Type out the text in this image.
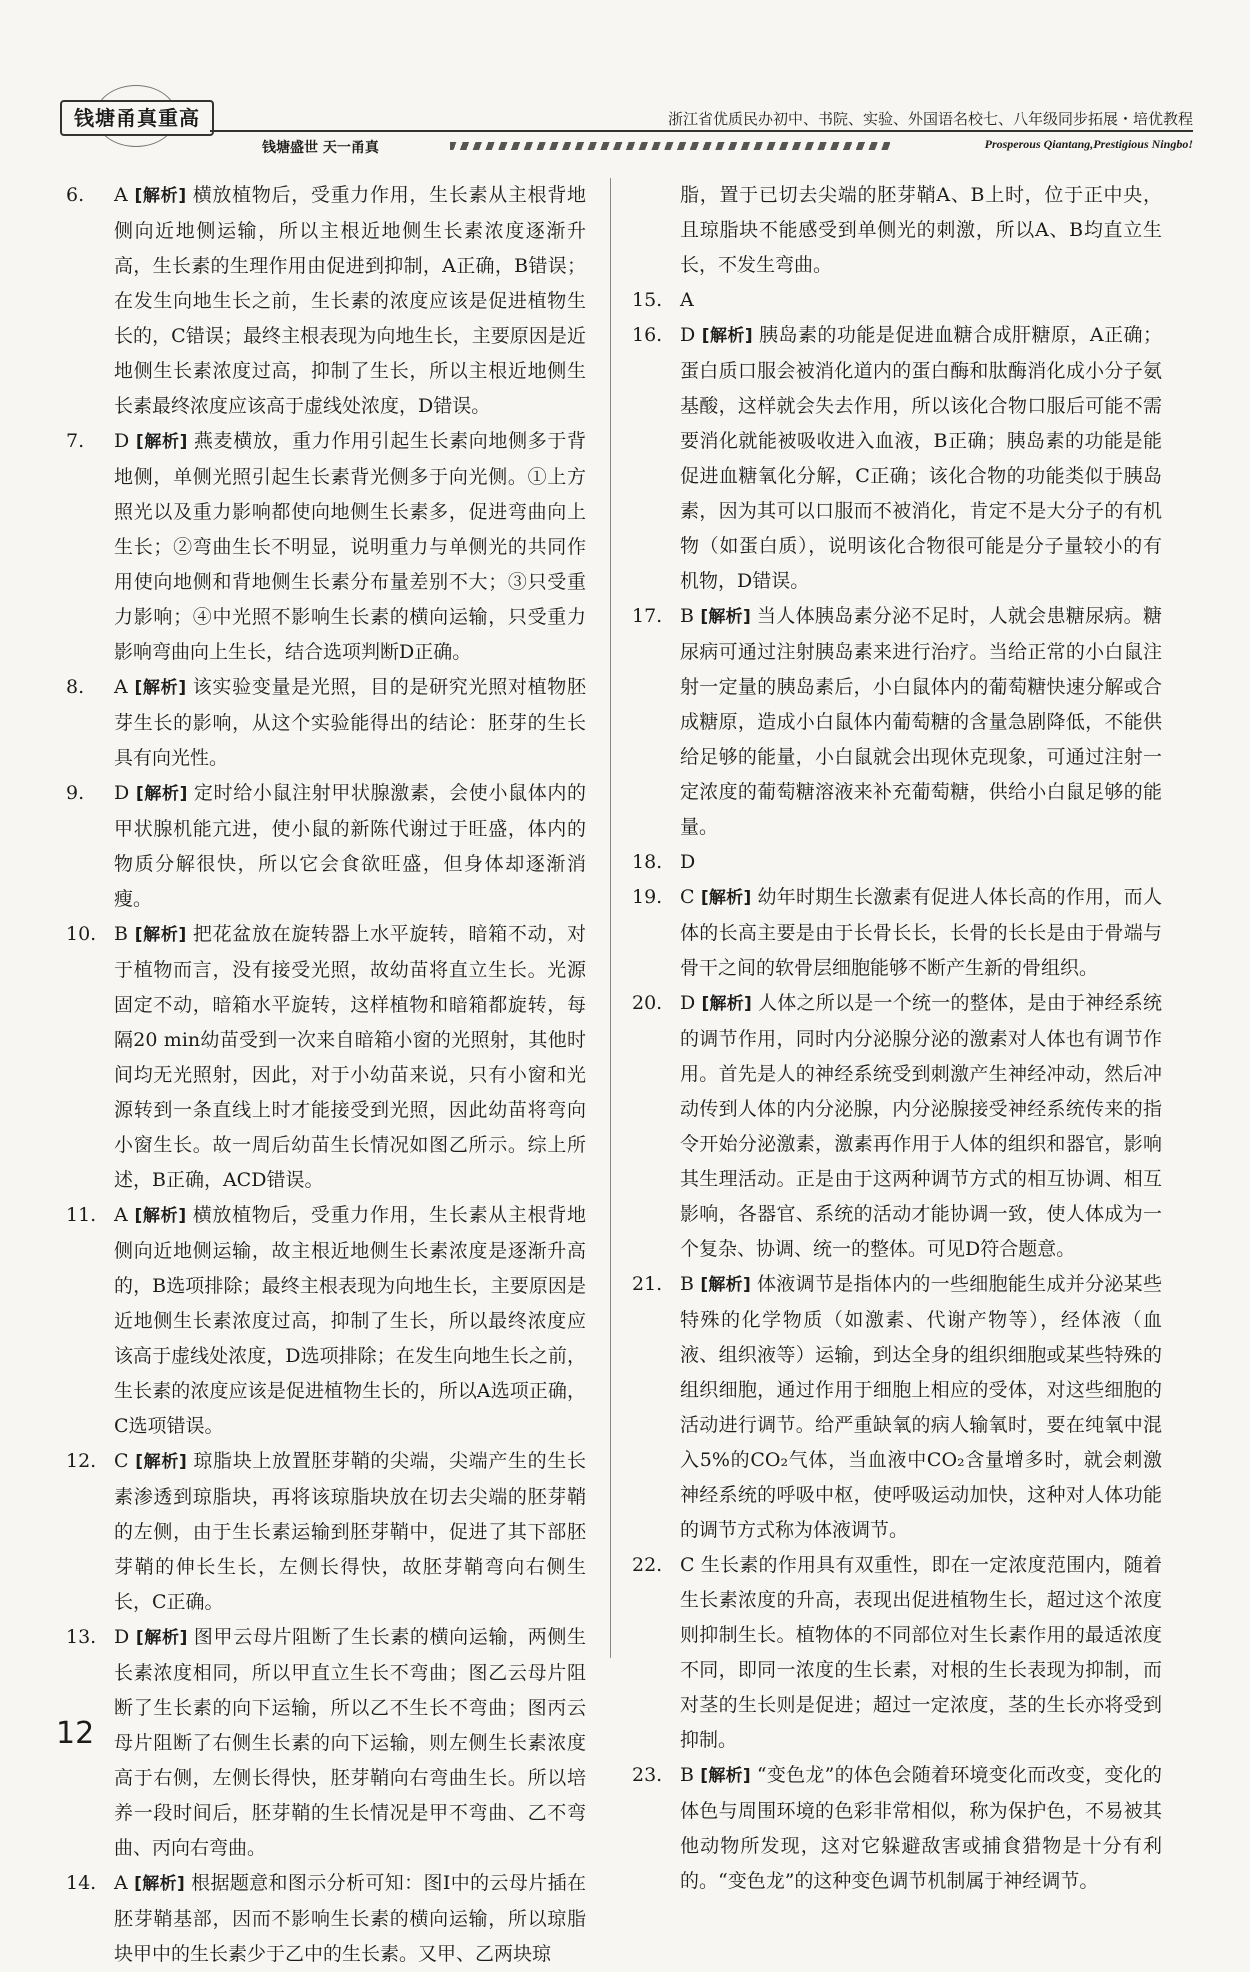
钱塘甬真重高	浙江省优质民办初中、书院、实验、外国语名校七、八年级同步拓展・培优教程
钱塘盛世 天一甬真	Prosperous Qiantang,Prestigious Ningbo!
6.	A [解析] 横放植物后，受重力作用，生长素从主根背地侧向近地侧运输，所以主根近地侧生长素浓度逐渐升高，生长素的生理作用由促进到抑制，A正确，B错误；在发生向地生长之前，生长素的浓度应该是促进植物生长的，C错误；最终主根表现为向地生长，主要原因是近地侧生长素浓度过高，抑制了生长，所以主根近地侧生长素最终浓度应该高于虚线处浓度，D错误。
7.	D [解析] 燕麦横放，重力作用引起生长素向地侧多于背地侧，单侧光照引起生长素背光侧多于向光侧。①上方照光以及重力影响都使向地侧生长素多，促进弯曲向上生长；②弯曲生长不明显，说明重力与单侧光的共同作用使向地侧和背地侧生长素分布量差别不大；③只受重力影响；④中光照不影响生长素的横向运输，只受重力影响弯曲向上生长，结合选项判断D正确。
8.	A [解析] 该实验变量是光照，目的是研究光照对植物胚芽生长的影响，从这个实验能得出的结论：胚芽的生长具有向光性。
9.	D [解析] 定时给小鼠注射甲状腺激素，会使小鼠体内的甲状腺机能亢进，使小鼠的新陈代谢过于旺盛，体内的物质分解很快，所以它会食欲旺盛，但身体却逐渐消瘦。
10. B [解析] 把花盆放在旋转器上水平旋转，暗箱不动，对于植物而言，没有接受光照，故幼苗将直立生长。光源固定不动，暗箱水平旋转，这样植物和暗箱都旋转，每隔20 min幼苗受到一次来自暗箱小窗的光照射，其他时间均无光照射，因此，对于小幼苗来说，只有小窗和光源转到一条直线上时才能接受到光照，因此幼苗将弯向小窗生长。故一周后幼苗生长情况如图乙所示。综上所述，B正确，ACD错误。
11. A [解析] 横放植物后，受重力作用，生长素从主根背地侧向近地侧运输，故主根近地侧生长素浓度是逐渐升高的，B选项排除；最终主根表现为向地生长，主要原因是近地侧生长素浓度过高，抑制了生长，所以最终浓度应该高于虚线处浓度，D选项排除；在发生向地生长之前，生长素的浓度应该是促进植物生长的，所以A选项正确，C选项错误。
12. C [解析] 琼脂块上放置胚芽鞘的尖端，尖端产生的生长素渗透到琼脂块，再将该琼脂块放在切去尖端的胚芽鞘的左侧，由于生长素运输到胚芽鞘中，促进了其下部胚芽鞘的伸长生长，左侧长得快，故胚芽鞘弯向右侧生长，C正确。
13. D [解析] 图甲云母片阻断了生长素的横向运输，两侧生长素浓度相同，所以甲直立生长不弯曲；图乙云母片阻断了生长素的向下运输，所以乙不生长不弯曲；图丙云母片阻断了右侧生长素的向下运输，则左侧生长素浓度高于右侧，左侧长得快，胚芽鞘向右弯曲生长。所以培养一段时间后，胚芽鞘的生长情况是甲不弯曲、乙不弯曲、丙向右弯曲。
14. A [解析] 根据题意和图示分析可知：图Ⅰ中的云母片插在胚芽鞘基部，因而不影响生长素的横向运输，所以琼脂块甲中的生长素少于乙中的生长素。又甲、乙两块琼
脂，置于已切去尖端的胚芽鞘A、B上时，位于正中央，且琼脂块不能感受到单侧光的刺激，所以A、B均直立生长，不发生弯曲。
15. A
16. D [解析] 胰岛素的功能是促进血糖合成肝糖原，A正确；蛋白质口服会被消化道内的蛋白酶和肽酶消化成小分子氨基酸，这样就会失去作用，所以该化合物口服后可能不需要消化就能被吸收进入血液，B正确；胰岛素的功能是能促进血糖氧化分解，C正确；该化合物的功能类似于胰岛素，因为其可以口服而不被消化，肯定不是大分子的有机物（如蛋白质），说明该化合物很可能是分子量较小的有机物，D错误。
17. B [解析] 当人体胰岛素分泌不足时，人就会患糖尿病。糖尿病可通过注射胰岛素来进行治疗。当给正常的小白鼠注射一定量的胰岛素后，小白鼠体内的葡萄糖快速分解或合成糖原，造成小白鼠体内葡萄糖的含量急剧降低，不能供给足够的能量，小白鼠就会出现休克现象，可通过注射一定浓度的葡萄糖溶液来补充葡萄糖，供给小白鼠足够的能量。
18. D
19. C [解析] 幼年时期生长激素有促进人体长高的作用，而人体的长高主要是由于长骨长长，长骨的长长是由于骨端与骨干之间的软骨层细胞能够不断产生新的骨组织。
20. D [解析] 人体之所以是一个统一的整体，是由于神经系统的调节作用，同时内分泌腺分泌的激素对人体也有调节作用。首先是人的神经系统受到刺激产生神经冲动，然后冲动传到人体的内分泌腺，内分泌腺接受神经系统传来的指令开始分泌激素，激素再作用于人体的组织和器官，影响其生理活动。正是由于这两种调节方式的相互协调、相互影响，各器官、系统的活动才能协调一致，使人体成为一个复杂、协调、统一的整体。可见D符合题意。
21. B [解析] 体液调节是指体内的一些细胞能生成并分泌某些特殊的化学物质（如激素、代谢产物等），经体液（血液、组织液等）运输，到达全身的组织细胞或某些特殊的组织细胞，通过作用于细胞上相应的受体，对这些细胞的活动进行调节。给严重缺氧的病人输氧时，要在纯氧中混入5%的CO₂气体，当血液中CO₂含量增多时，就会刺激神经系统的呼吸中枢，使呼吸运动加快，这种对人体功能的调节方式称为体液调节。
22. C 生长素的作用具有双重性，即在一定浓度范围内，随着生长素浓度的升高，表现出促进植物生长，超过这个浓度则抑制生长。植物体的不同部位对生长素作用的最适浓度不同，即同一浓度的生长素，对根的生长表现为抑制，而对茎的生长则是促进；超过一定浓度，茎的生长亦将受到抑制。
23. B [解析] “变色龙”的体色会随着环境变化而改变，变化的体色与周围环境的色彩非常相似，称为保护色，不易被其他动物所发现，这对它躲避敌害或捕食猎物是十分有利的。“变色龙”的这种变色调节机制属于神经调节。
12
